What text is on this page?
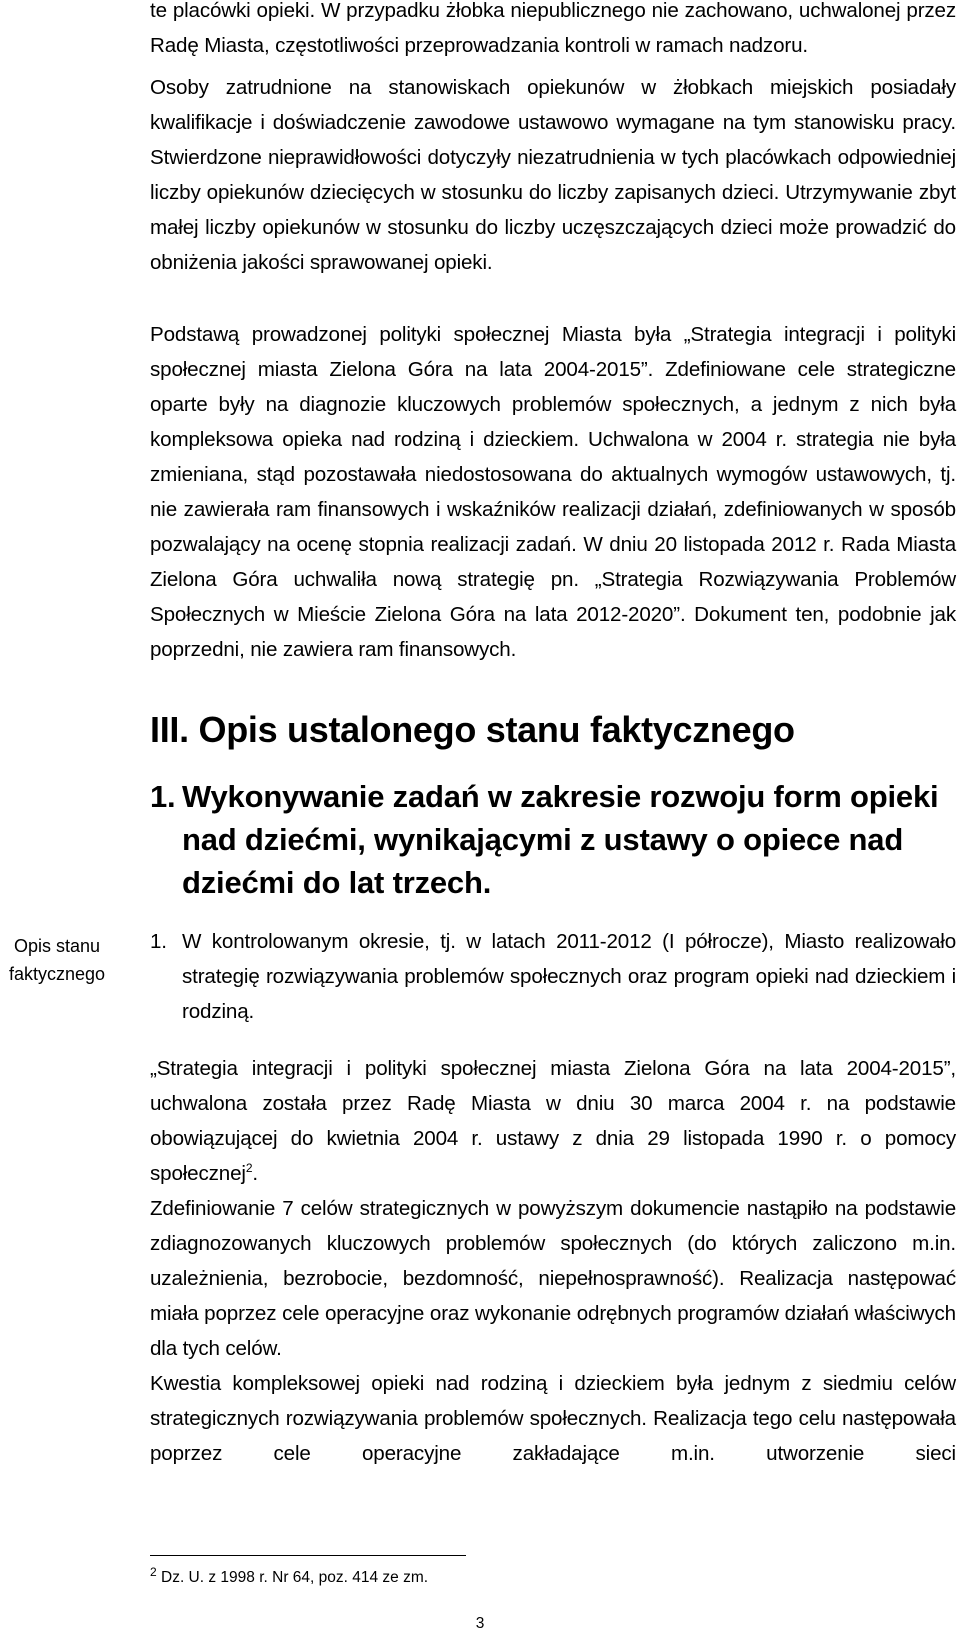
te placówki opieki. W przypadku żłobka niepublicznego nie zachowano, uchwalonej przez Radę Miasta, częstotliwości przeprowadzania kontroli w ramach nadzoru.

Osoby zatrudnione na stanowiskach opiekunów w żłobkach miejskich posiadały kwalifikacje i doświadczenie zawodowe ustawowo wymagane na tym stanowisku pracy. Stwierdzone nieprawidłowości dotyczyły niezatrudnienia w tych placówkach odpowiedniej liczby opiekunów dziecięcych w stosunku do liczby zapisanych dzieci. Utrzymywanie zbyt małej liczby opiekunów w stosunku do liczby uczęszczających dzieci może prowadzić do obniżenia jakości sprawowanej opieki.

Podstawą prowadzonej polityki społecznej Miasta była „Strategia integracji i polityki społecznej miasta Zielona Góra na lata 2004-2015”. Zdefiniowane cele strategiczne oparte były na diagnozie kluczowych problemów społecznych, a jednym z nich była kompleksowa opieka nad rodziną i dzieckiem. Uchwalona w 2004 r. strategia nie była zmieniana, stąd pozostawała niedostosowana do aktualnych wymogów ustawowych, tj. nie zawierała ram finansowych i wskaźników realizacji działań, zdefiniowanych w sposób pozwalający na ocenę stopnia realizacji zadań. W dniu 20 listopada 2012 r. Rada Miasta Zielona Góra uchwaliła nową strategię pn. „Strategia Rozwiązywania Problemów Społecznych w Mieście Zielona Góra na lata 2012-2020”. Dokument ten, podobnie jak poprzedni, nie zawiera ram finansowych.

III. Opis ustalonego stanu faktycznego
1. Wykonywanie zadań w zakresie rozwoju form opieki nad dziećmi, wynikającymi z ustawy o opiece nad dziećmi do lat trzech.
Opis stanu
faktycznego
1. W kontrolowanym okresie, tj. w latach 2011-2012 (I półrocze), Miasto realizowało strategię rozwiązywania problemów społecznych oraz program opieki nad dzieckiem i rodziną.

„Strategia integracji i polityki społecznej miasta Zielona Góra na lata 2004-2015”, uchwalona została przez Radę Miasta w dniu 30 marca 2004 r. na podstawie obowiązującej do kwietnia 2004 r. ustawy z dnia 29 listopada 1990 r. o pomocy społecznej$^2$.

Zdefiniowanie 7 celów strategicznych w powyższym dokumencie nastąpiło na podstawie zdiagnozowanych kluczowych problemów społecznych (do których zaliczono m.in. uzależnienia, bezrobocie, bezdomność, niepełnosprawność). Realizacja następować miała poprzez cele operacyjne oraz wykonanie odrębnych programów działań właściwych dla tych celów.

Kwestia kompleksowej opieki nad rodziną i dzieckiem była jednym z siedmiu celów strategicznych rozwiązywania problemów społecznych. Realizacja tego celu następowała poprzez cele operacyjne zakładające m.in. utworzenie sieci

$^2$ Dz. U. z 1998 r. Nr 64, poz. 414 ze zm.
3
